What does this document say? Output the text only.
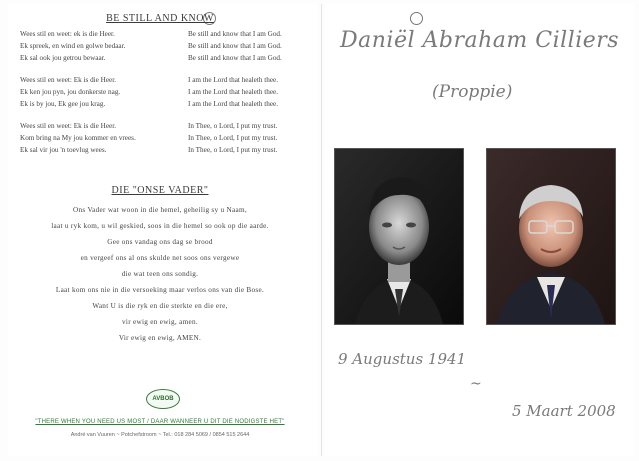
BE STILL AND KNOW
Wees stil en weet: ek is die Heer.	Be still and know that I am God.
Ek spreek, en wind en golwe bedaar.	Be still and know that I am God.
Ek sal ook jou getrou bewaar.	Be still and know that I am God.
Wees stil en weet: Ek is die Heer.	I am the Lord that healeth thee.
Ek ken jou pyn, jou donkerste nag.	I am the Lord that healeth thee.
Ek is by jou, Ek gee jou krag.	I am the Lord that healeth thee.
Wees stil en weet: Ek is die Heer.	In Thee, o Lord, I put my trust.
Kom bring na My jou kommer en vrees.	In Thee, o Lord, I put my trust.
Ek sal vir jou 'n toevlug wees.	In Thee, o Lord, I put my trust.
DIE "ONSE VADER"
Ons Vader wat woon in die hemel, geheilig sy u Naam,
laat u ryk kom, u wil geskied, soos in die hemel so ook op die aarde.
Gee ons vandag ons dag se brood
en vergeef ons al ons skulde net soos ons vergewe
die wat teen ons sondig.
Laat kom ons nie in die versoeking maar verlos ons van die Bose.
Want U is die ryk en die sterkte en die ere,
vir ewig en ewig, amen.
Vir ewig en ewig, AMEN.
AVBOB
"THERE WHEN YOU NEED US MOST / DAAR WANNEER U DIT DIE NODIGSTE HET"
André van Vuuren ~ Potchefstroom ~ Tel.: 018 284 5069 / 0854 515 2644
Daniël Abraham Cilliers
(Proppie)
9 Augustus 1941
~
5 Maart 2008
